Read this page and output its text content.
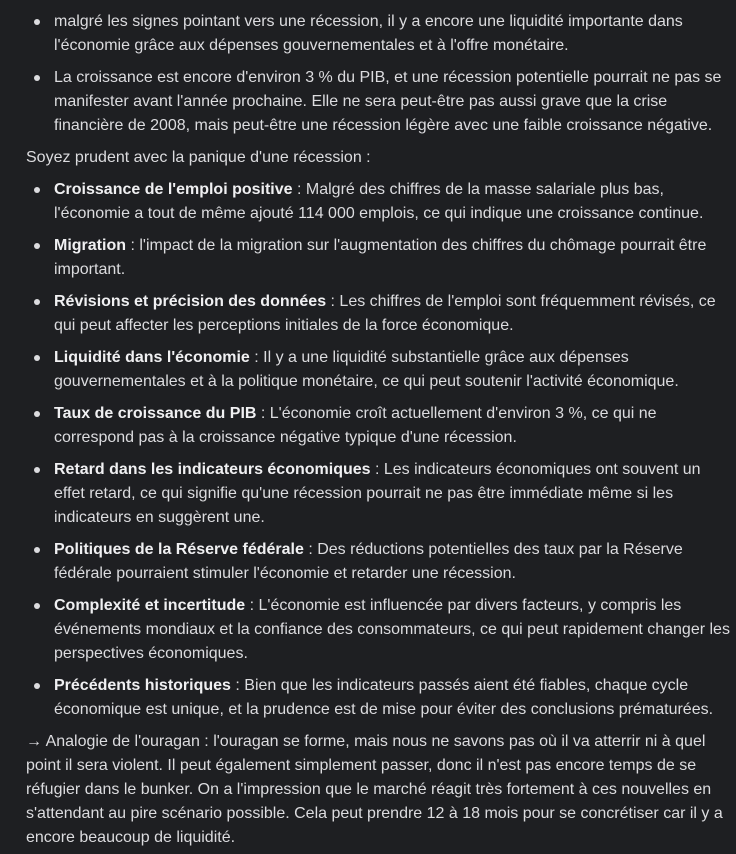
malgré les signes pointant vers une récession, il y a encore une liquidité importante dans l'économie grâce aux dépenses gouvernementales et à l'offre monétaire.
La croissance est encore d'environ 3 % du PIB, et une récession potentielle pourrait ne pas se manifester avant l'année prochaine. Elle ne sera peut-être pas aussi grave que la crise financière de 2008, mais peut-être une récession légère avec une faible croissance négative.

Soyez prudent avec la panique d'une récession :

Croissance de l'emploi positive : Malgré des chiffres de la masse salariale plus bas, l'économie a tout de même ajouté 114 000 emplois, ce qui indique une croissance continue.
Migration : l'impact de la migration sur l'augmentation des chiffres du chômage pourrait être important.
Révisions et précision des données : Les chiffres de l'emploi sont fréquemment révisés, ce qui peut affecter les perceptions initiales de la force économique.
Liquidité dans l'économie : Il y a une liquidité substantielle grâce aux dépenses gouvernementales et à la politique monétaire, ce qui peut soutenir l'activité économique.
Taux de croissance du PIB : L'économie croît actuellement d'environ 3 %, ce qui ne correspond pas à la croissance négative typique d'une récession.
Retard dans les indicateurs économiques : Les indicateurs économiques ont souvent un effet retard, ce qui signifie qu'une récession pourrait ne pas être immédiate même si les indicateurs en suggèrent une.
Politiques de la Réserve fédérale : Des réductions potentielles des taux par la Réserve fédérale pourraient stimuler l'économie et retarder une récession.
Complexité et incertitude : L'économie est influencée par divers facteurs, y compris les événements mondiaux et la confiance des consommateurs, ce qui peut rapidement changer les perspectives économiques.
Précédents historiques : Bien que les indicateurs passés aient été fiables, chaque cycle économique est unique, et la prudence est de mise pour éviter des conclusions prématurées.

→ Analogie de l'ouragan : l'ouragan se forme, mais nous ne savons pas où il va atterrir ni à quel point il sera violent. Il peut également simplement passer, donc il n'est pas encore temps de se réfugier dans le bunker. On a l'impression que le marché réagit très fortement à ces nouvelles en s'attendant au pire scénario possible. Cela peut prendre 12 à 18 mois pour se concrétiser car il y a encore beaucoup de liquidité.
